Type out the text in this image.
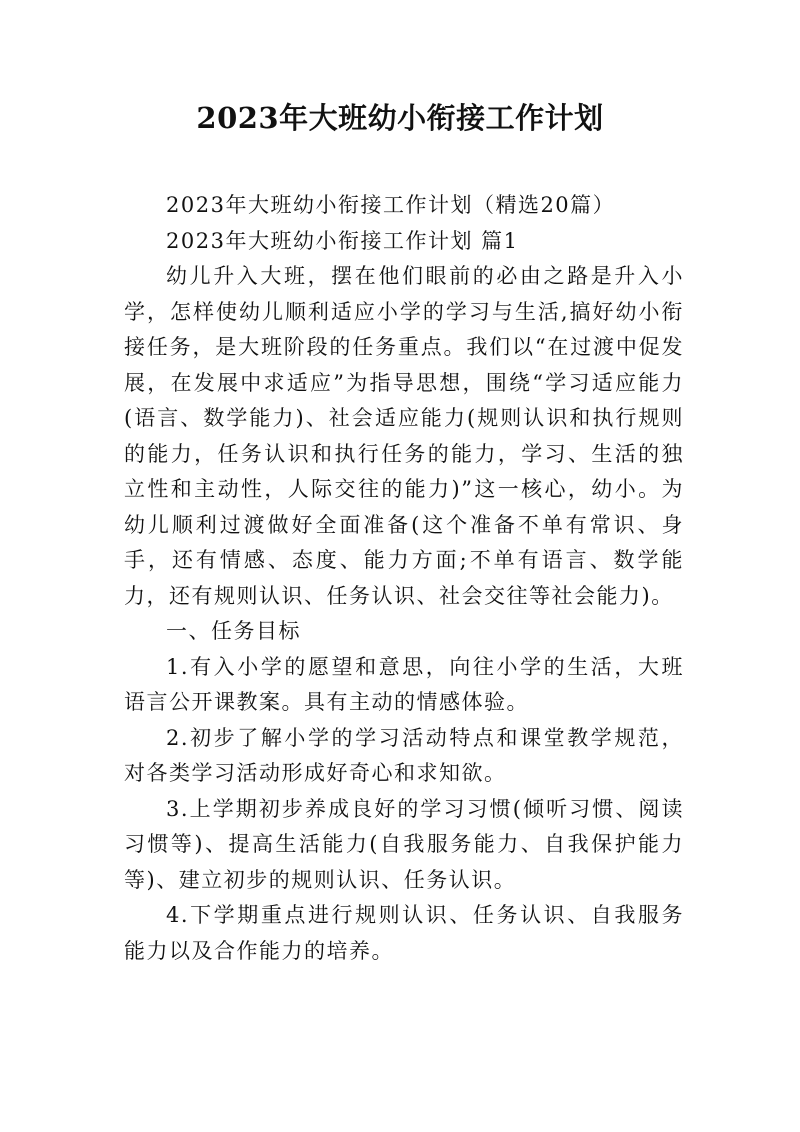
2023年大班幼小衔接工作计划

2023年大班幼小衔接工作计划（精选20篇）

2023年大班幼小衔接工作计划 篇1

幼儿升入大班，摆在他们眼前的必由之路是升入小学，怎样使幼儿顺利适应小学的学习与生活,搞好幼小衔接任务，是大班阶段的任务重点。我们以“在过渡中促发展，在发展中求适应”为指导思想，围绕“学习适应能力(语言、数学能力)、社会适应能力(规则认识和执行规则的能力，任务认识和执行任务的能力，学习、生活的独立性和主动性，人际交往的能力)”这一核心，幼小。为幼儿顺利过渡做好全面准备(这个准备不单有常识、身手，还有情感、态度、能力方面;不单有语言、数学能力，还有规则认识、任务认识、社会交往等社会能力)。

一、任务目标

1.有入小学的愿望和意思，向往小学的生活，大班语言公开课教案。具有主动的情感体验。

2.初步了解小学的学习活动特点和课堂教学规范，对各类学习活动形成好奇心和求知欲。

3.上学期初步养成良好的学习习惯(倾听习惯、阅读习惯等)、提高生活能力(自我服务能力、自我保护能力等)、建立初步的规则认识、任务认识。

4.下学期重点进行规则认识、任务认识、自我服务能力以及合作能力的培养。
